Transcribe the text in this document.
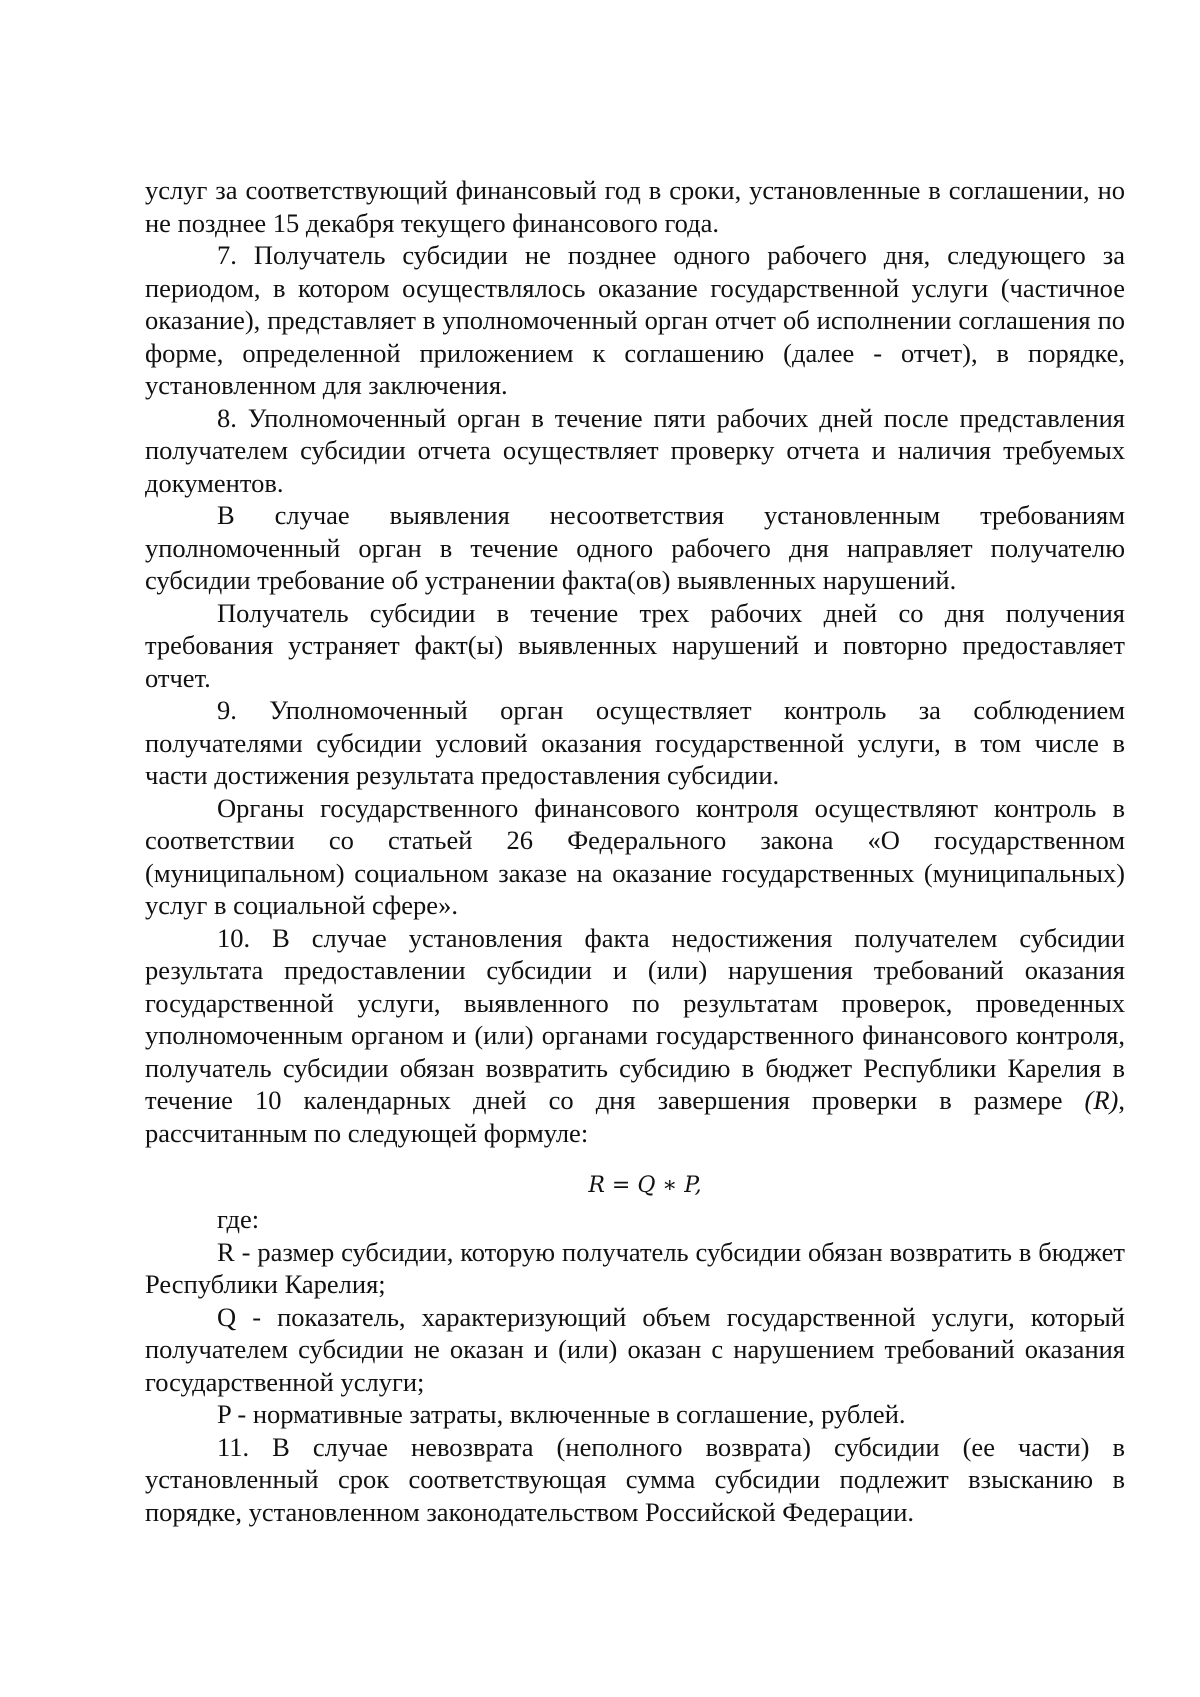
услуг за соответствующий финансовый год в сроки, установленные в соглашении, но не позднее 15 декабря текущего финансового года.

7. Получатель субсидии не позднее одного рабочего дня, следующего за периодом, в котором осуществлялось оказание государственной услуги (частичное оказание), представляет в уполномоченный орган отчет об исполнении соглашения по форме, определенной приложением к соглашению (далее - отчет), в порядке, установленном для заключения.

8. Уполномоченный орган в течение пяти рабочих дней после представления получателем субсидии отчета осуществляет проверку отчета и наличия требуемых документов.

В случае выявления несоответствия установленным требованиям уполномоченный орган в течение одного рабочего дня направляет получателю субсидии требование об устранении факта(ов) выявленных нарушений.

Получатель субсидии в течение трех рабочих дней со дня получения требования устраняет факт(ы) выявленных нарушений и повторно предоставляет отчет.

9. Уполномоченный орган осуществляет контроль за соблюдением получателями субсидии условий оказания государственной услуги, в том числе в части достижения результата предоставления субсидии.

Органы государственного финансового контроля осуществляют контроль в соответствии со статьей 26 Федерального закона «О государственном (муниципальном) социальном заказе на оказание государственных (муниципальных) услуг в социальной сфере».

10. В случае установления факта недостижения получателем субсидии результата предоставлении субсидии и (или) нарушения требований оказания государственной услуги, выявленного по результатам проверок, проведенных уполномоченным органом и (или) органами государственного финансового контроля, получатель субсидии обязан возвратить субсидию в бюджет Республики Карелия в течение 10 календарных дней со дня завершения проверки в размере (R), рассчитанным по следующей формуле:

R = Q ∗ P,

где:

R - размер субсидии, которую получатель субсидии обязан возвратить в бюджет Республики Карелия;

Q - показатель, характеризующий объем государственной услуги, который получателем субсидии не оказан и (или) оказан с нарушением требований оказания государственной услуги;

P - нормативные затраты, включенные в соглашение, рублей.

11. В случае невозврата (неполного возврата) субсидии (ее части) в установленный срок соответствующая сумма субсидии подлежит взысканию в порядке, установленном законодательством Российской Федерации.
